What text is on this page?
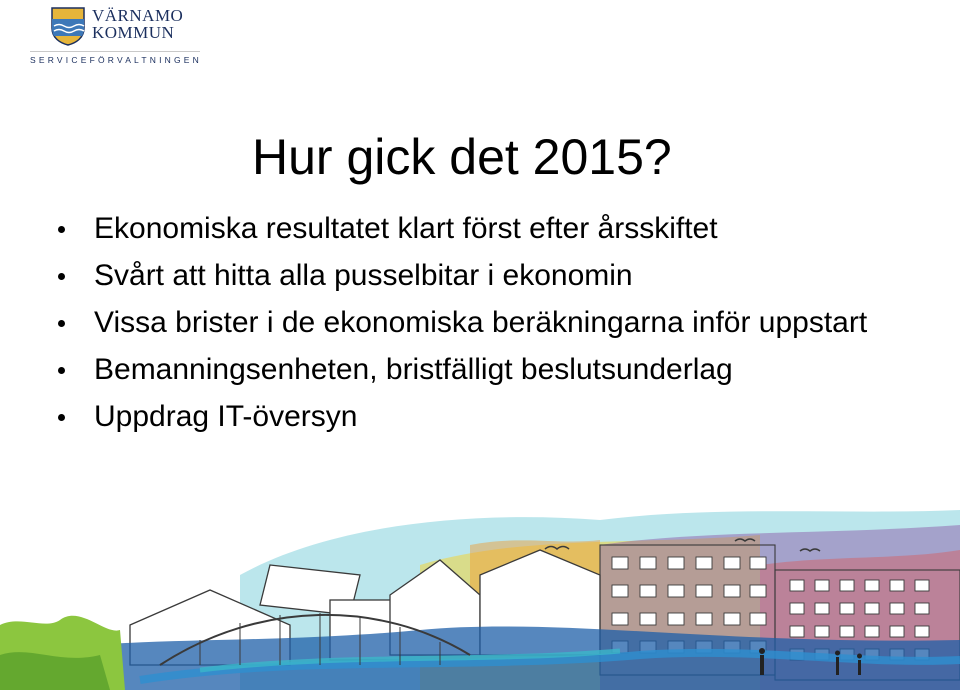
VÄRNAMO
KOMMUN
SERVICEFÖRVALTNINGEN
Hur gick det 2015?
Ekonomiska resultatet klart först efter årsskiftet
Svårt att hitta alla pusselbitar i ekonomin
Vissa brister i de ekonomiska beräkningarna inför uppstart
Bemanningsenheten, bristfälligt beslutsunderlag
Uppdrag IT-översyn
